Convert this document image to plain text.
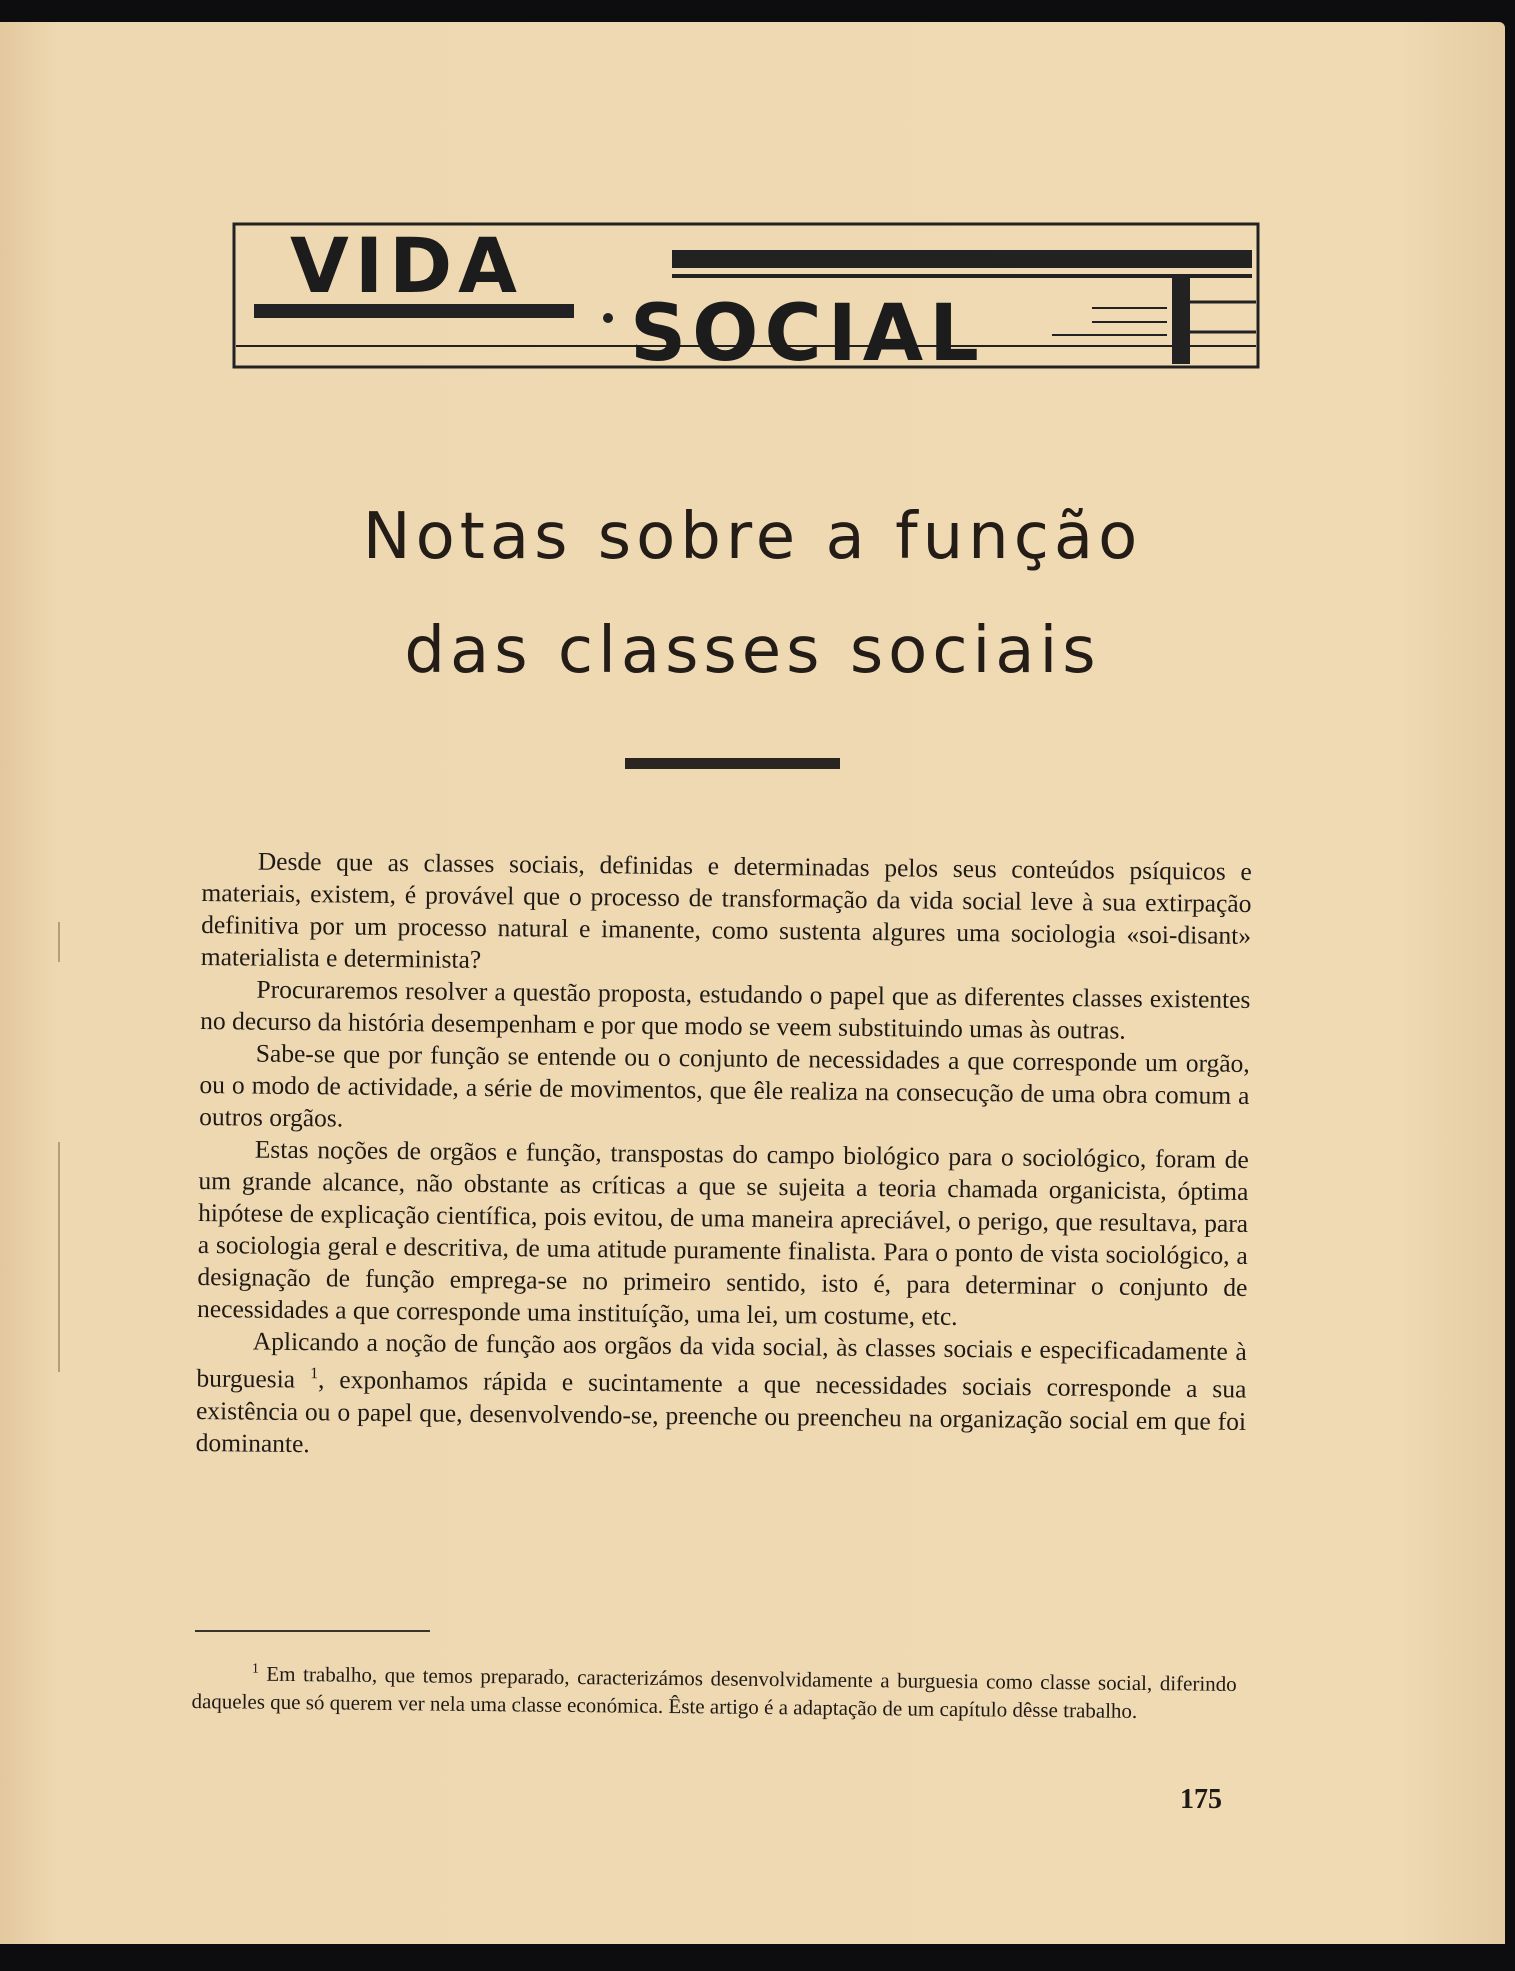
VIDA
SOCIAL
Notas sobre a função
das classes sociais

Desde que as classes sociais, definidas e determinadas pelos seus conteúdos psíquicos e materiais, existem, é provável que o processo de transformação da vida social leve à sua extirpação definitiva por um processo natural e imanente, como sustenta algures uma sociologia «soi-disant» materialista e determinista?

Procuraremos resolver a questão proposta, estudando o papel que as diferentes classes existentes no decurso da história desempenham e por que modo se veem substituindo umas às outras.

Sabe-se que por função se entende ou o conjunto de necessidades a que corresponde um orgão, ou o modo de actividade, a série de movimentos, que êle realiza na consecução de uma obra comum a outros orgãos.

Estas noções de orgãos e função, transpostas do campo biológico para o sociológico, foram de um grande alcance, não obstante as críticas a que se sujeita a teoria chamada organicista, óptima hipótese de explicação científica, pois evitou, de uma maneira apreciável, o perigo, que resultava, para a sociologia geral e descritiva, de uma atitude puramente finalista. Para o ponto de vista sociológico, a designação de função emprega-se no primeiro sentido, isto é, para determinar o conjunto de necessidades a que corresponde uma instituíção, uma lei, um costume, etc.

Aplicando a noção de função aos orgãos da vida social, às classes sociais e especificadamente à burguesia $^1$, exponhamos rápida e sucintamente a que necessidades sociais corresponde a sua existência ou o papel que, desenvolvendo-se, preenche ou preencheu na organização social em que foi dominante.

$^1$ Em trabalho, que temos preparado, caracterizámos desenvolvidamente a burguesia como classe social, diferindo daqueles que só querem ver nela uma classe económica. Êste artigo é a adaptação de um capítulo dêsse trabalho.

175
